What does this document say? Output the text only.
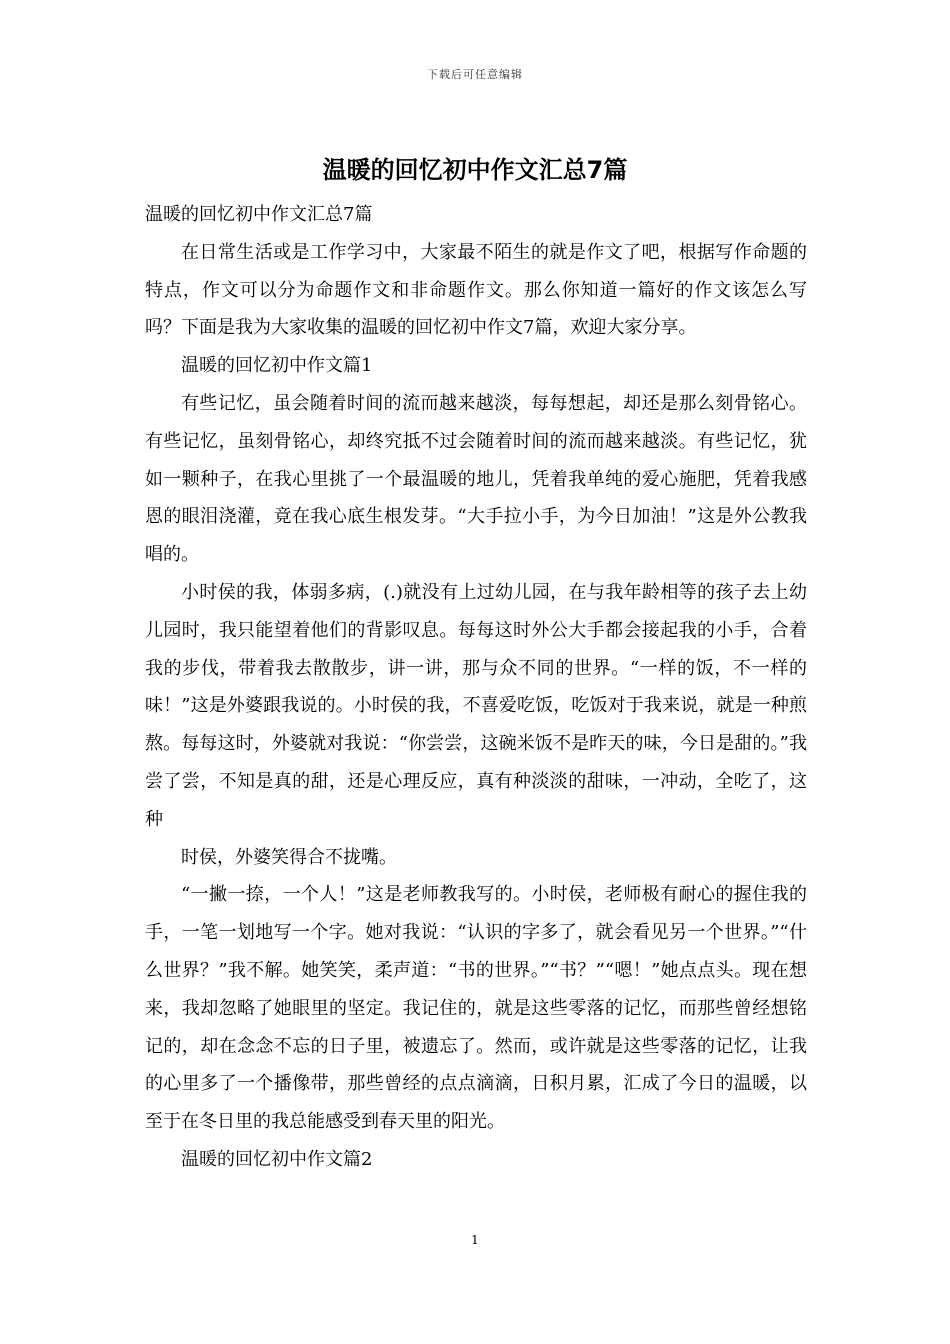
下载后可任意编辑
温暖的回忆初中作文汇总7篇

温暖的回忆初中作文汇总7篇

在日常生活或是工作学习中，大家最不陌生的就是作文了吧，根据写作命题的特点，作文可以分为命题作文和非命题作文。那么你知道一篇好的作文该怎么写吗？下面是我为大家收集的温暖的回忆初中作文7篇，欢迎大家分享。

温暖的回忆初中作文篇1

有些记忆，虽会随着时间的流而越来越淡，每每想起，却还是那么刻骨铭心。有些记忆，虽刻骨铭心，却终究抵不过会随着时间的流而越来越淡。有些记忆，犹如一颗种子，在我心里挑了一个最温暖的地儿，凭着我单纯的爱心施肥，凭着我感恩的眼泪浇灌，竟在我心底生根发芽。“大手拉小手，为今日加油！”这是外公教我唱的。

小时侯的我，体弱多病，(.)就没有上过幼儿园，在与我年龄相等的孩子去上幼儿园时，我只能望着他们的背影叹息。每每这时外公大手都会接起我的小手，合着我的步伐，带着我去散散步，讲一讲，那与众不同的世界。“一样的饭，不一样的味！”这是外婆跟我说的。小时侯的我，不喜爱吃饭，吃饭对于我来说，就是一种煎熬。每每这时，外婆就对我说：“你尝尝，这碗米饭不是昨天的味，今日是甜的。”我尝了尝，不知是真的甜，还是心理反应，真有种淡淡的甜味，一冲动，全吃了，这种

时侯，外婆笑得合不拢嘴。

“一撇一捺，一个人！”这是老师教我写的。小时侯，老师极有耐心的握住我的手，一笔一划地写一个字。她对我说：“认识的字多了，就会看见另一个世界。”“什么世界？”我不解。她笑笑，柔声道：“书的世界。”“书？”“嗯！”她点点头。现在想来，我却忽略了她眼里的坚定。我记住的，就是这些零落的记忆，而那些曾经想铭记的，却在念念不忘的日子里，被遗忘了。然而，或许就是这些零落的记忆，让我的心里多了一个播像带，那些曾经的点点滴滴，日积月累，汇成了今日的温暖，以至于在冬日里的我总能感受到春天里的阳光。

温暖的回忆初中作文篇2

1
